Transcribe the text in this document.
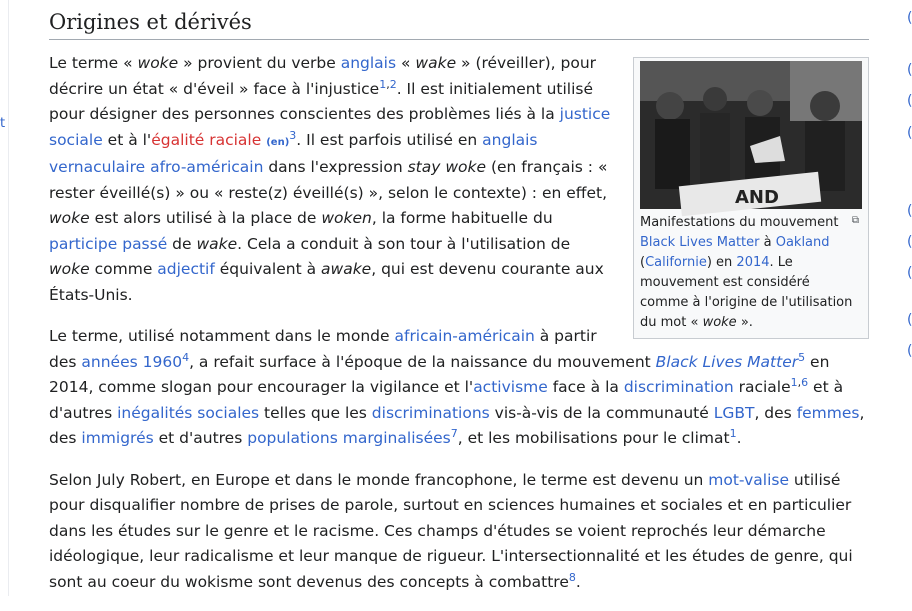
t
(
(
(
(
(
(
(
(
(
Origines et dérivés
AND
⧉
Manifestations du mouvement Black Lives Matter à Oakland (Californie) en 2014. Le mouvement est considéré comme à l'origine de l'utilisation du mot « woke ».

Le terme « woke » provient du verbe anglais « wake » (réveiller), pour décrire un état « d'éveil » face à l'injustice$^{1,2}$. Il est initialement utilisé pour désigner des personnes conscientes des problèmes liés à la justice sociale et à l'égalité raciale (en)$^3$. Il est parfois utilisé en anglais vernaculaire afro-américain dans l'expression stay woke (en français : « rester éveillé(s) » ou « reste(z) éveillé(s) », selon le contexte) : en effet, woke est alors utilisé à la place de woken, la forme habituelle du participe passé de wake. Cela a conduit à son tour à l'utilisation de woke comme adjectif équivalent à awake, qui est devenu courante aux États-Unis.

Le terme, utilisé notamment dans le monde africain-américain à partir des années 1960$^4$, a refait surface à l'époque de la naissance du mouvement Black Lives Matter$^5$ en 2014, comme slogan pour encourager la vigilance et l'activisme face à la discrimination raciale$^{1,6}$ et à d'autres inégalités sociales telles que les discriminations vis-à-vis de la communauté LGBT, des femmes, des immigrés et d'autres populations marginalisées$^7$, et les mobilisations pour le climat$^1$.

Selon July Robert, en Europe et dans le monde francophone, le terme est devenu un mot-valise utilisé pour disqualifier nombre de prises de parole, surtout en sciences humaines et sociales et en particulier dans les études sur le genre et le racisme. Ces champs d'études se voient reprochés leur démarche idéologique, leur radicalisme et leur manque de rigueur. L'intersectionnalité et les études de genre, qui sont au coeur du wokisme sont devenus des concepts à combattre$^8$.
